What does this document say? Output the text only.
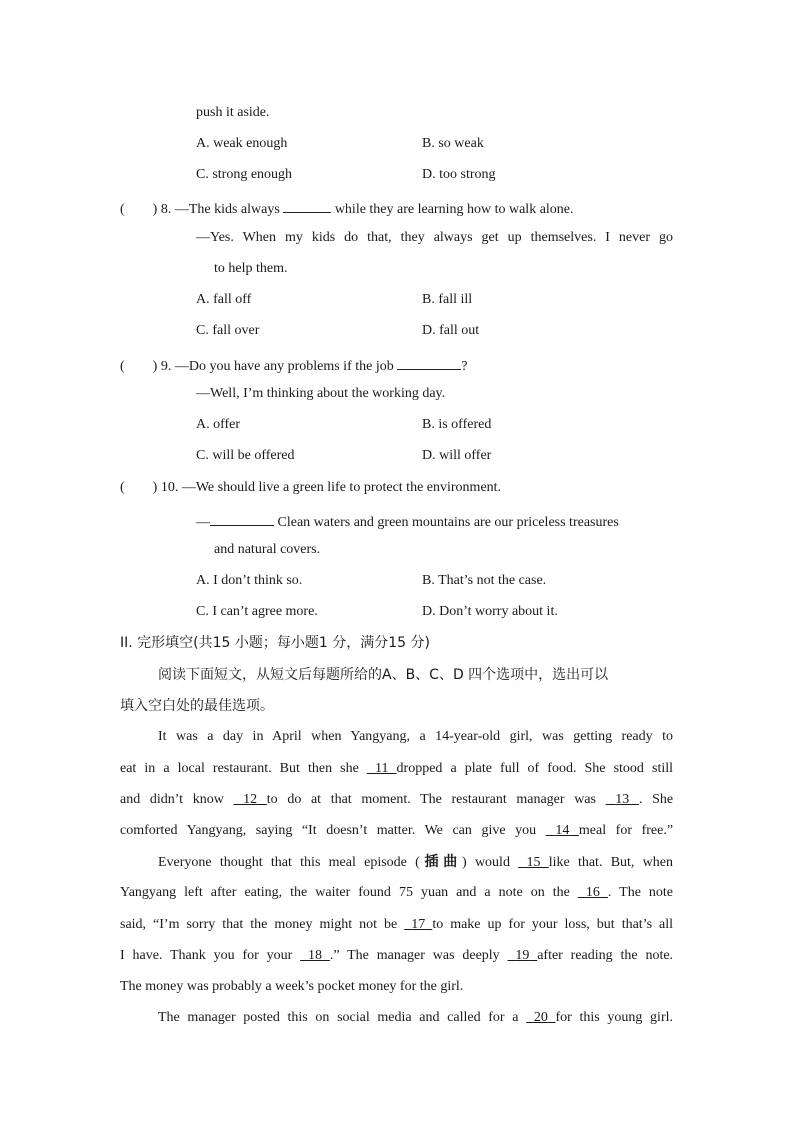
push it aside.
A. weak enough	B. so weak
C. strong enough	D. too strong
(        ) 8. —The kids always	while they are learning how to walk alone.
—Yes. When my kids do that, they always get up themselves. I never go
to help them.
A. fall off	B. fall ill
C. fall over	D. fall out
(        ) 9. —Do you have any problems if the job	?
—Well, I’m thinking about the working day.
A. offer	B. is offered
C. will be offered	D. will offer
(        ) 10. —We should live a green life to protect the environment.
—	Clean waters and green mountains are our priceless treasures
and natural covers.
A. I don’t think so.	B. That’s not the case.
C. I can’t agree more.	D. Don’t worry about it.
II. 完形填空(共15 小题；每小题1 分，满分15 分)
阅读下面短文，从短文后每题所给的A、B、C、D 四个选项中，选出可以
填入空白处的最佳选项。
It was a day in April when Yangyang, a 14-year-old girl, was getting ready to
eat in a local restaurant. But then she 11 dropped a plate full of food. She stood still
and didn’t know 12 to do at that moment. The restaurant manager was 13 . She
comforted Yangyang, saying “It doesn’t matter. We can give you 14 meal for free.”
Everyone thought that this meal episode (插曲) would 15 like that. But, when
Yangyang left after eating, the waiter found 75 yuan and a note on the 16 . The note
said, “I’m sorry that the money might not be 17 to make up for your loss, but that’s all
I have. Thank you for your 18 .” The manager was deeply 19 after reading the note.
The money was probably a week’s pocket money for the girl.
The manager posted this on social media and called for a 20 for this young girl.
